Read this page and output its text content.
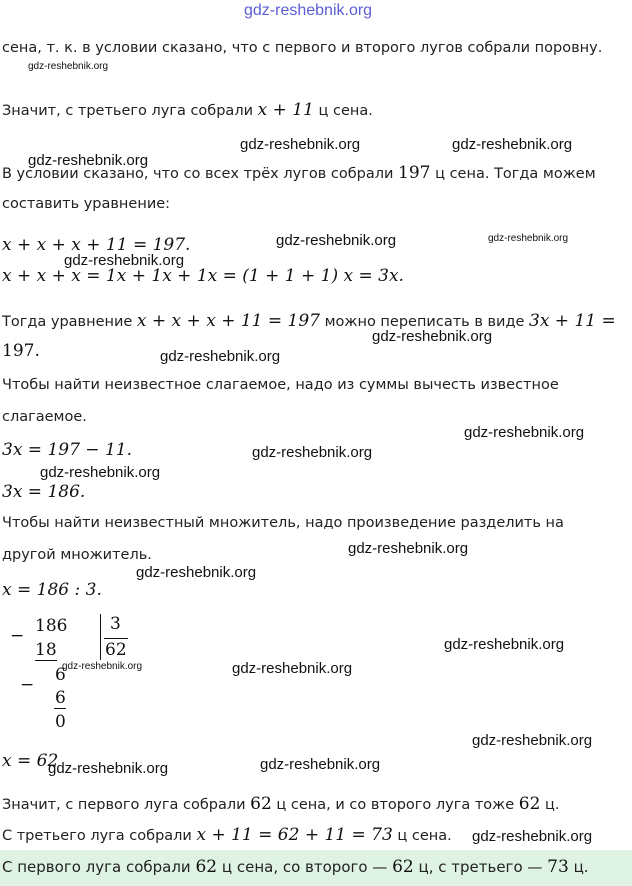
gdz-reshebnik.org
сена, т. к. в условии сказано, что с первого и второго лугов собрали поровну.
Значит, с третьего луга собрали x + 11 ц сена.
В условии сказано, что со всех трёх лугов собрали 197 ц сена. Тогда можем
составить уравнение:
x + x + x + 11 = 197.
x + x + x = 1x + 1x + 1x = (1 + 1 + 1) x = 3x.
Тогда уравнение x + x + x + 11 = 197 можно переписать в виде 3x + 11 =
197.
Чтобы найти неизвестное слагаемое, надо из суммы вычесть известное
слагаемое.
3x = 197 − 11.
3x = 186.
Чтобы найти неизвестный множитель, надо произведение разделить на
другой множитель.
x = 186 : 3.
− 186
18
− 6
6
0
3
62
x = 62
Значит, с первого луга собрали 62 ц сена, и со второго луга тоже 62 ц.
С третьего луга собрали x + 11 = 62 + 11 = 73 ц сена.
С первого луга собрали 62 ц сена, со второго — 62 ц, с третьего — 73 ц.
gdz-reshebnik.org
gdz-reshebnik.org	gdz-reshebnik.org
gdz-reshebnik.org
gdz-reshebnik.org	gdz-reshebnik.org
gdz-reshebnik.org
gdz-reshebnik.org
gdz-reshebnik.org
gdz-reshebnik.org
gdz-reshebnik.org
gdz-reshebnik.org
gdz-reshebnik.org
gdz-reshebnik.org
gdz-reshebnik.org
gdz-reshebnik.org	gdz-reshebnik.org
gdz-reshebnik.org
gdz-reshebnik.org	gdz-reshebnik.org
gdz-reshebnik.org
